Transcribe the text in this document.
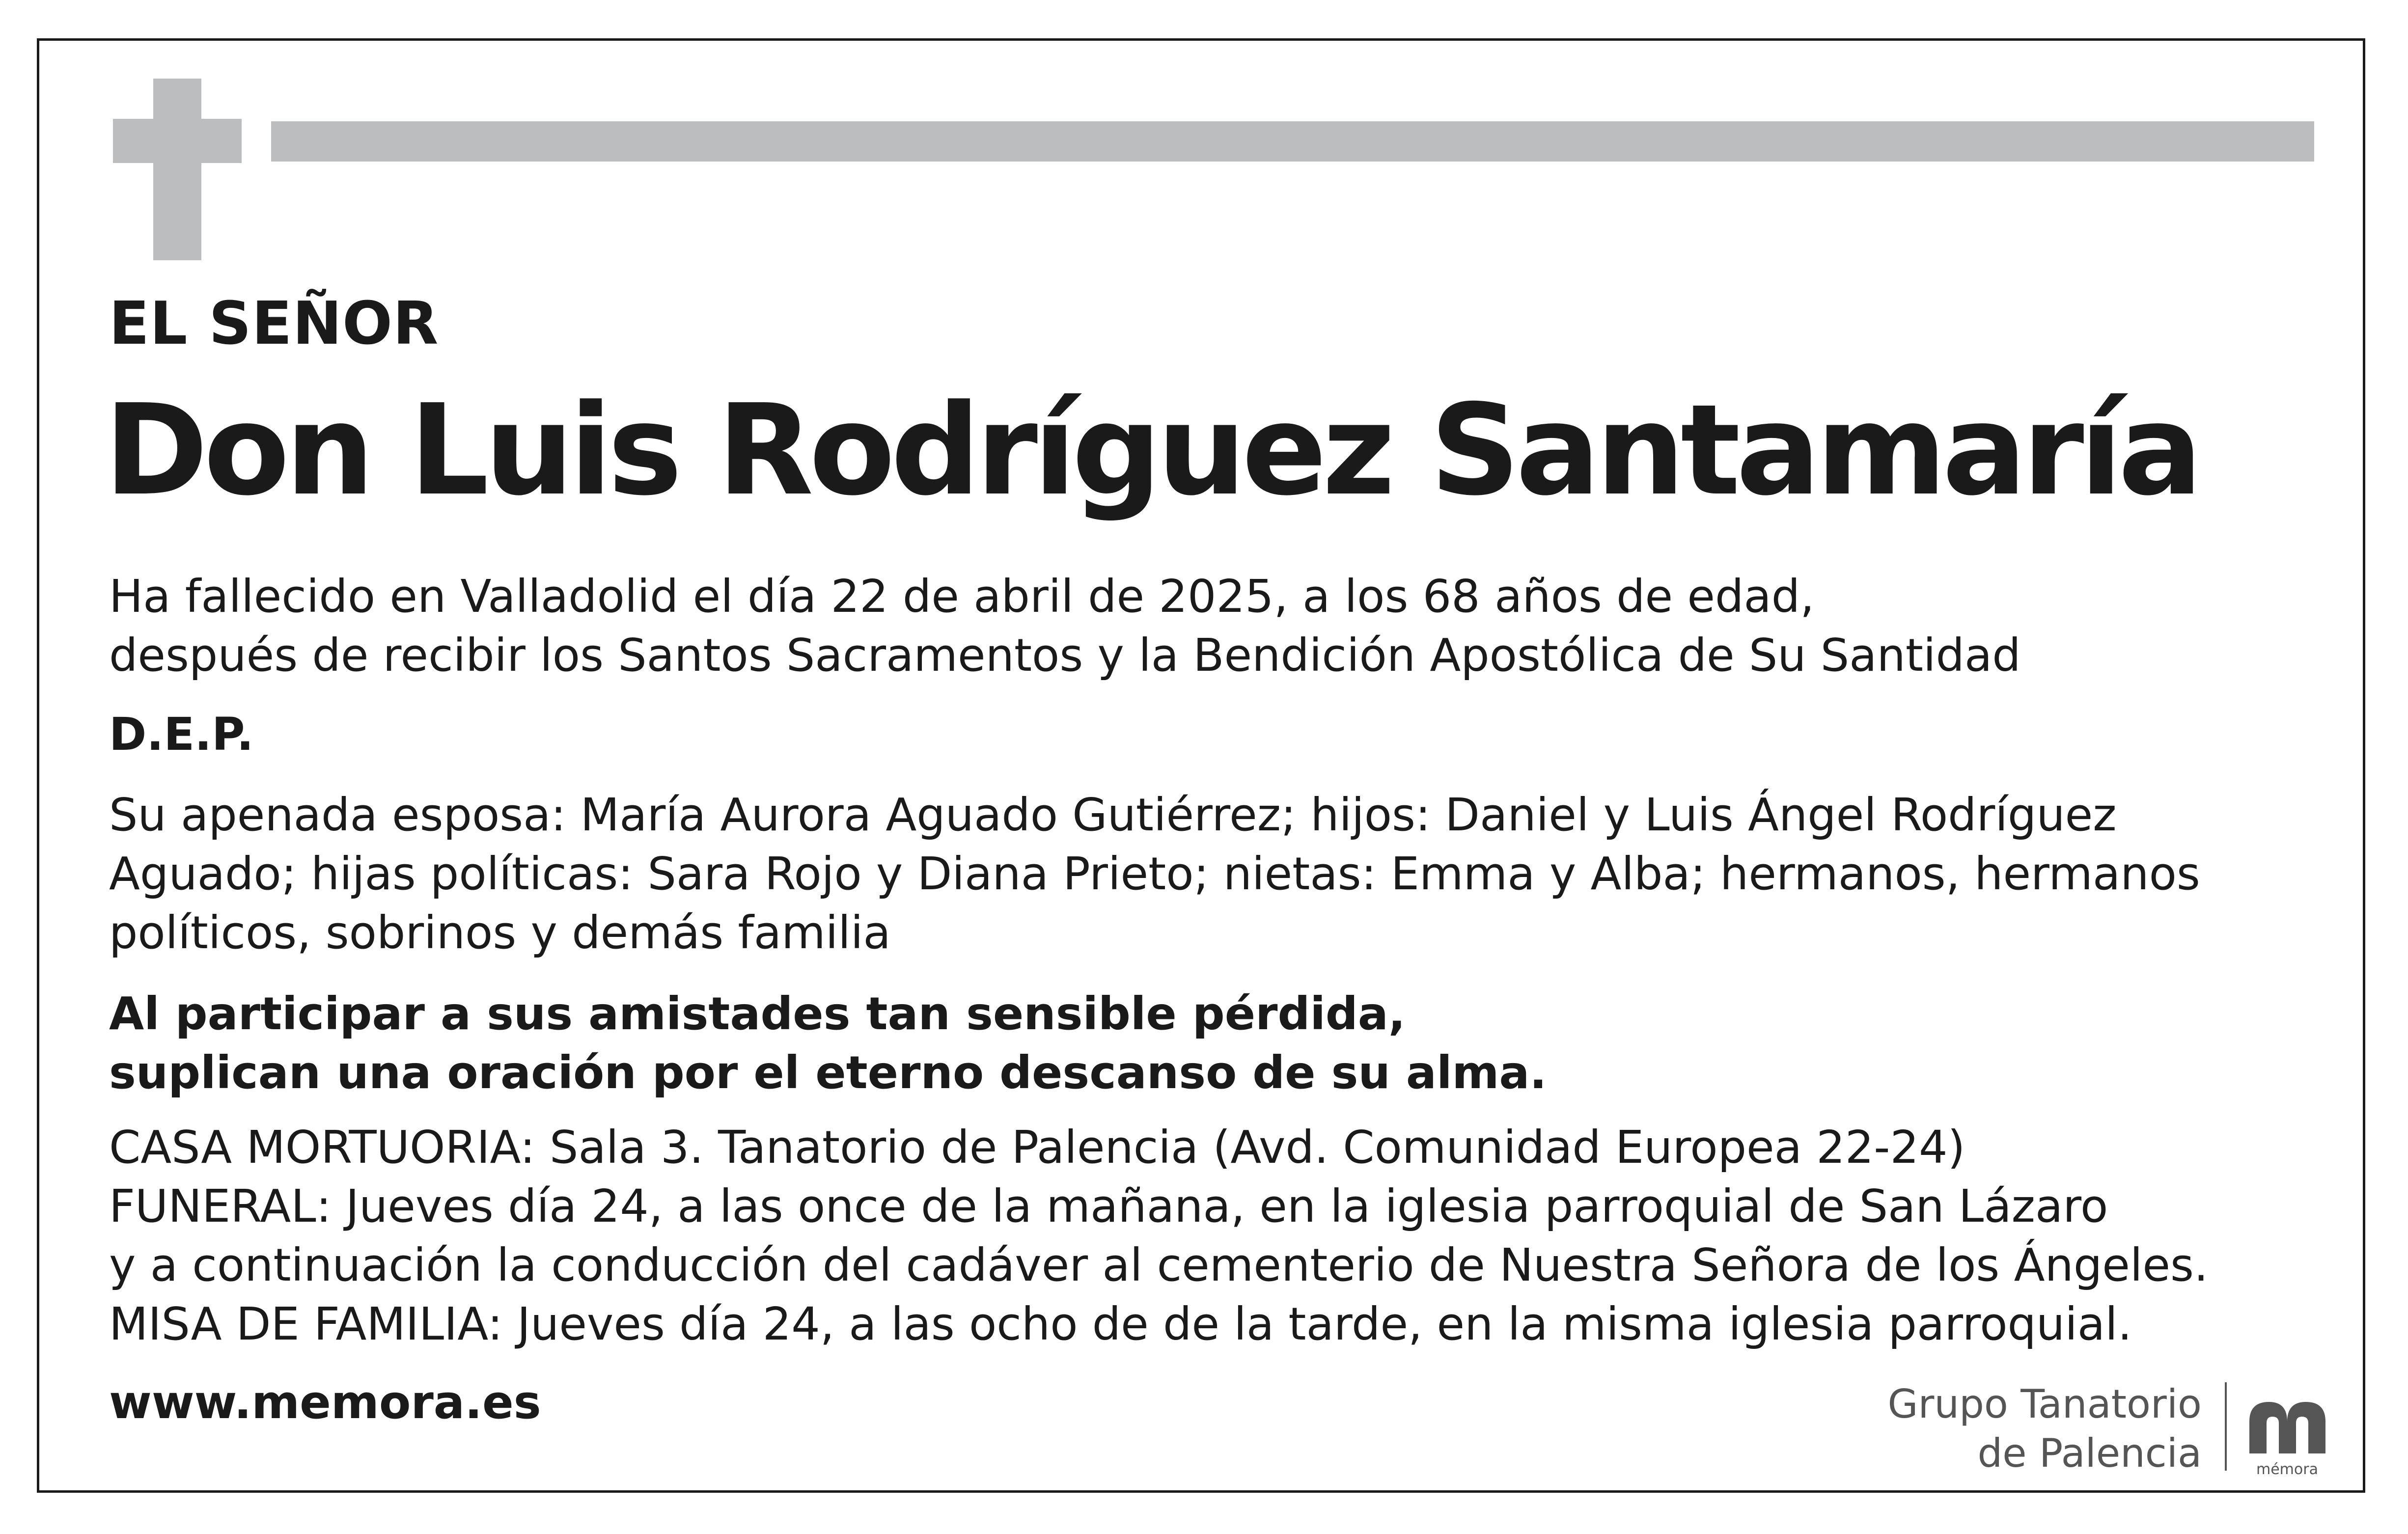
EL SEÑOR

Don Luis Rodríguez Santamaría

Ha fallecido en Valladolid el día 22 de abril de 2025, a los 68 años de edad,
después de recibir los Santos Sacramentos y la Bendición Apostólica de Su Santidad

D.E.P.

Su apenada esposa: María Aurora Aguado Gutiérrez; hijos: Daniel y Luis Ángel Rodríguez
Aguado; hijas políticas: Sara Rojo y Diana Prieto; nietas: Emma y Alba; hermanos, hermanos
políticos, sobrinos y demás familia

Al participar a sus amistades tan sensible pérdida,
suplican una oración por el eterno descanso de su alma.

CASA MORTUORIA: Sala 3. Tanatorio de Palencia (Avd. Comunidad Europea 22-24)
FUNERAL: Jueves día 24, a las once de la mañana, en la iglesia parroquial de San Lázaro
y a continuación la conducción del cadáver al cementerio de Nuestra Señora de los Ángeles.
MISA DE FAMILIA: Jueves día 24, a las ocho de de la tarde, en la misma iglesia parroquial.

www.memora.es	Grupo Tanatorio
de Palencia	mémora
